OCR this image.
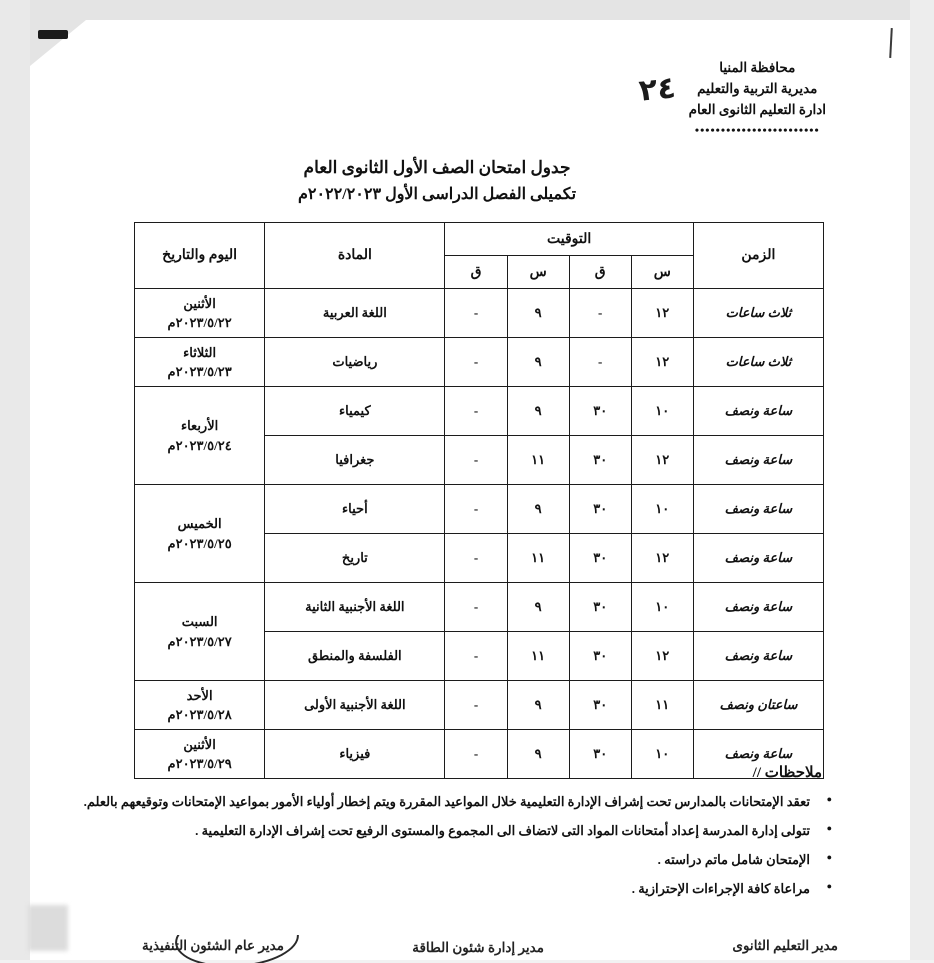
محافظة المنيا
مديرية التربية والتعليم
ادارة التعليم الثانوى العام
••••••••••••••••••••••••
٢٤
جدول امتحان الصف الأول الثانوى العام
تكميلى الفصل الدراسى الأول ٢٠٢٢/٢٠٢٣م
الزمن	التوقيت				المادة	اليوم والتاريخ
	س	ق	س	ق		
ثلاث ساعات	١٢	-	٩	-	اللغة العربية	الأثنين
٢٠٢٣/٥/٢٢م

ثلاث ساعات	١٢	-	٩	-	رياضيات	الثلاثاء
٢٠٢٣/٥/٢٣م

ساعة ونصف	١٠	٣٠	٩	-	كيمياء	الأربعاء
٢٠٢٣/٥/٢٤م

ساعة ونصف	١٢	٣٠	١١	-	جغرافيا	
ساعة ونصف	١٠	٣٠	٩	-	أحياء	الخميس
٢٠٢٣/٥/٢٥م

ساعة ونصف	١٢	٣٠	١١	-	تاريخ	
ساعة ونصف	١٠	٣٠	٩	-	اللغة الأجنبية الثانية	السبت
٢٠٢٣/٥/٢٧م

ساعة ونصف	١٢	٣٠	١١	-	الفلسفة والمنطق	
ساعتان ونصف	١١	٣٠	٩	-	اللغة الأجنبية الأولى	الأحد
٢٠٢٣/٥/٢٨م

ساعة ونصف	١٠	٣٠	٩	-	فيزياء	الأثنين
٢٠٢٣/٥/٢٩م
ملاحظات //
● تعقد الإمتحانات بالمدارس تحت إشراف الإدارة التعليمية خلال المواعيد المقررة ويتم إخطار أولياء الأمور بمواعيد الإمتحانات وتوقيعهم بالعلم.
● تتولى إدارة المدرسة إعداد أمتحانات المواد التى لاتضاف الى المجموع والمستوى الرفيع تحت إشراف الإدارة التعليمية .
● الإمتحان شامل ماتم دراسته .
● مراعاة كافة الإجراءات الإحترازية .
مدير التعليم الثانوى
مدير إدارة شئون الطاقة
مدير عام الشئون التنفيذية
